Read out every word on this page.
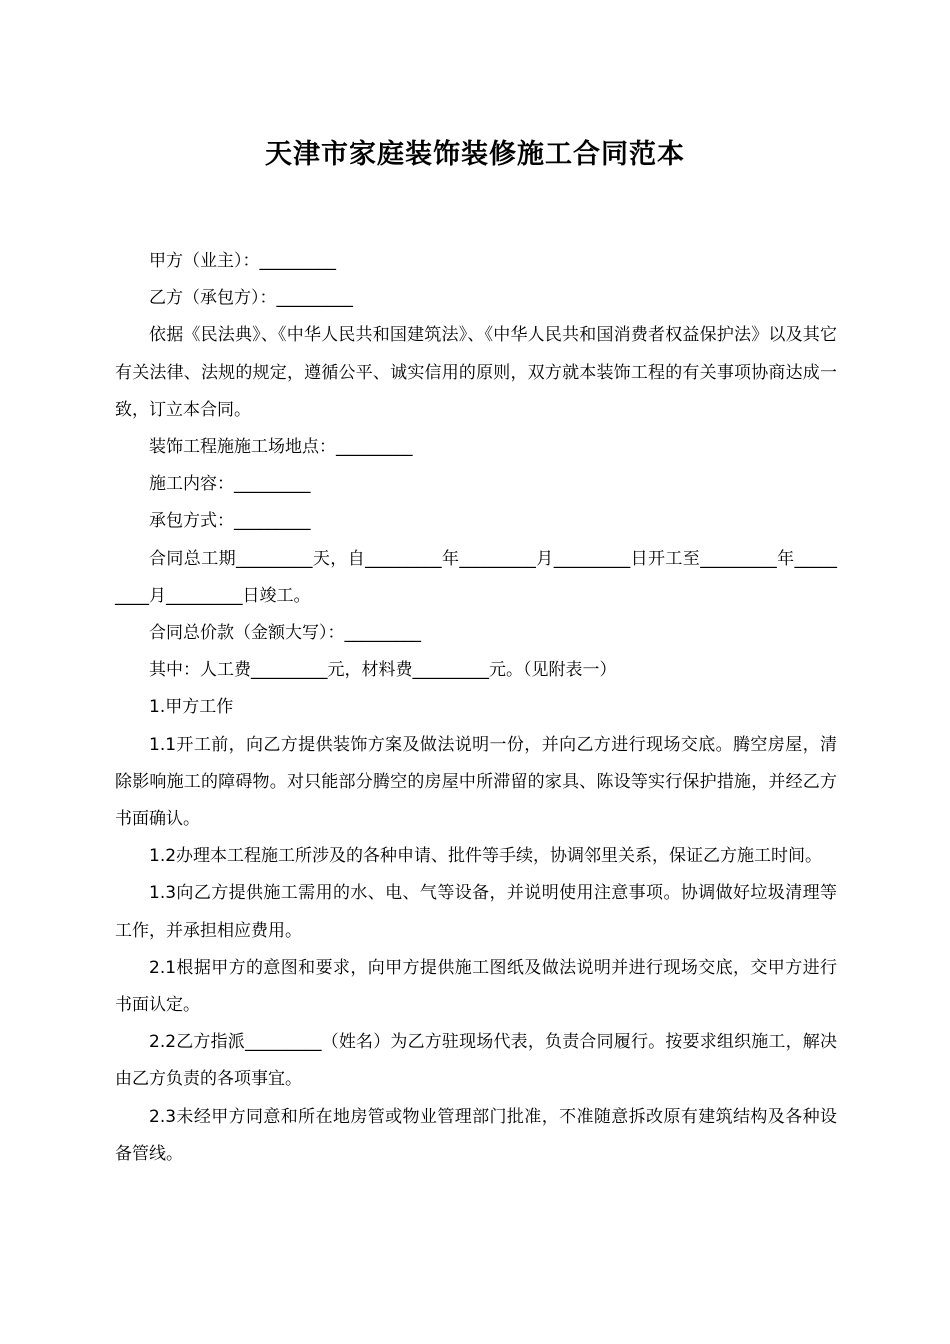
天津市家庭装饰装修施工合同范本

甲方（业主）：_________

乙方（承包方）：_________

依据《民法典》、《中华人民共和国建筑法》、《中华人民共和国消费者权益保护法》以及其它有关法律、法规的规定，遵循公平、诚实信用的原则，双方就本装饰工程的有关事项协商达成一致，订立本合同。

装饰工程施施工场地点：_________

施工内容：_________

承包方式：_________

合同总工期_________天，自_________年_________月_________日开工至_________年_________月_________日竣工。

合同总价款（金额大写）：_________

其中：人工费_________元，材料费_________元。（见附表一）

1.甲方工作

1.1开工前，向乙方提供装饰方案及做法说明一份，并向乙方进行现场交底。腾空房屋，清除影响施工的障碍物。对只能部分腾空的房屋中所滞留的家具、陈设等实行保护措施，并经乙方书面确认。

1.2办理本工程施工所涉及的各种申请、批件等手续，协调邻里关系，保证乙方施工时间。

1.3向乙方提供施工需用的水、电、气等设备，并说明使用注意事项。协调做好垃圾清理等工作，并承担相应费用。

2.1根据甲方的意图和要求，向甲方提供施工图纸及做法说明并进行现场交底，交甲方进行书面认定。

2.2乙方指派_________（姓名）为乙方驻现场代表，负责合同履行。按要求组织施工，解决由乙方负责的各项事宜。

2.3未经甲方同意和所在地房管或物业管理部门批准，不准随意拆改原有建筑结构及各种设备管线。
